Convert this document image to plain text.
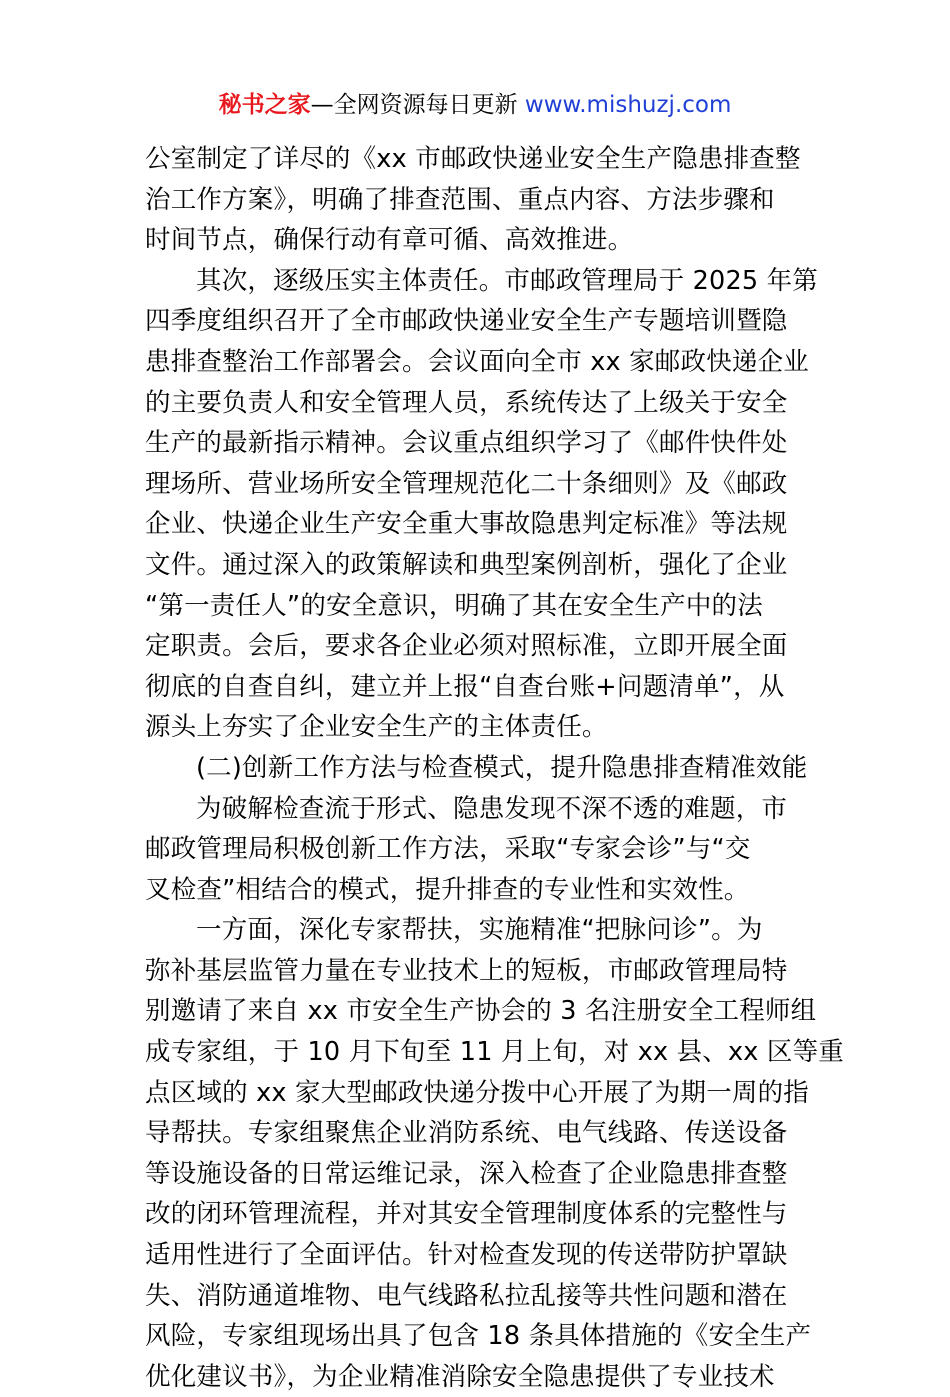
秘书之家—全网资源每日更新 www.mishuzj.com
公室制定了详尽的《xx 市邮政快递业安全生产隐患排查整
治工作方案》，明确了排查范围、重点内容、方法步骤和
时间节点，确保行动有章可循、高效推进。
其次，逐级压实主体责任。市邮政管理局于 2025 年第
四季度组织召开了全市邮政快递业安全生产专题培训暨隐
患排查整治工作部署会。会议面向全市 xx 家邮政快递企业
的主要负责人和安全管理人员，系统传达了上级关于安全
生产的最新指示精神。会议重点组织学习了《邮件快件处
理场所、营业场所安全管理规范化二十条细则》及《邮政
企业、快递企业生产安全重大事故隐患判定标准》等法规
文件。通过深入的政策解读和典型案例剖析，强化了企业
“第一责任人”的安全意识，明确了其在安全生产中的法
定职责。会后，要求各企业必须对照标准，立即开展全面
彻底的自查自纠，建立并上报“自查台账+问题清单”，从
源头上夯实了企业安全生产的主体责任。
(二)创新工作方法与检查模式，提升隐患排查精准效能
为破解检查流于形式、隐患发现不深不透的难题，市
邮政管理局积极创新工作方法，采取“专家会诊”与“交
叉检查”相结合的模式，提升排查的专业性和实效性。
一方面，深化专家帮扶，实施精准“把脉问诊”。为
弥补基层监管力量在专业技术上的短板，市邮政管理局特
别邀请了来自 xx 市安全生产协会的 3 名注册安全工程师组
成专家组，于 10 月下旬至 11 月上旬，对 xx 县、xx 区等重
点区域的 xx 家大型邮政快递分拨中心开展了为期一周的指
导帮扶。专家组聚焦企业消防系统、电气线路、传送设备
等设施设备的日常运维记录，深入检查了企业隐患排查整
改的闭环管理流程，并对其安全管理制度体系的完整性与
适用性进行了全面评估。针对检查发现的传送带防护罩缺
失、消防通道堆物、电气线路私拉乱接等共性问题和潜在
风险，专家组现场出具了包含 18 条具体措施的《安全生产
优化建议书》，为企业精准消除安全隐患提供了专业技术
